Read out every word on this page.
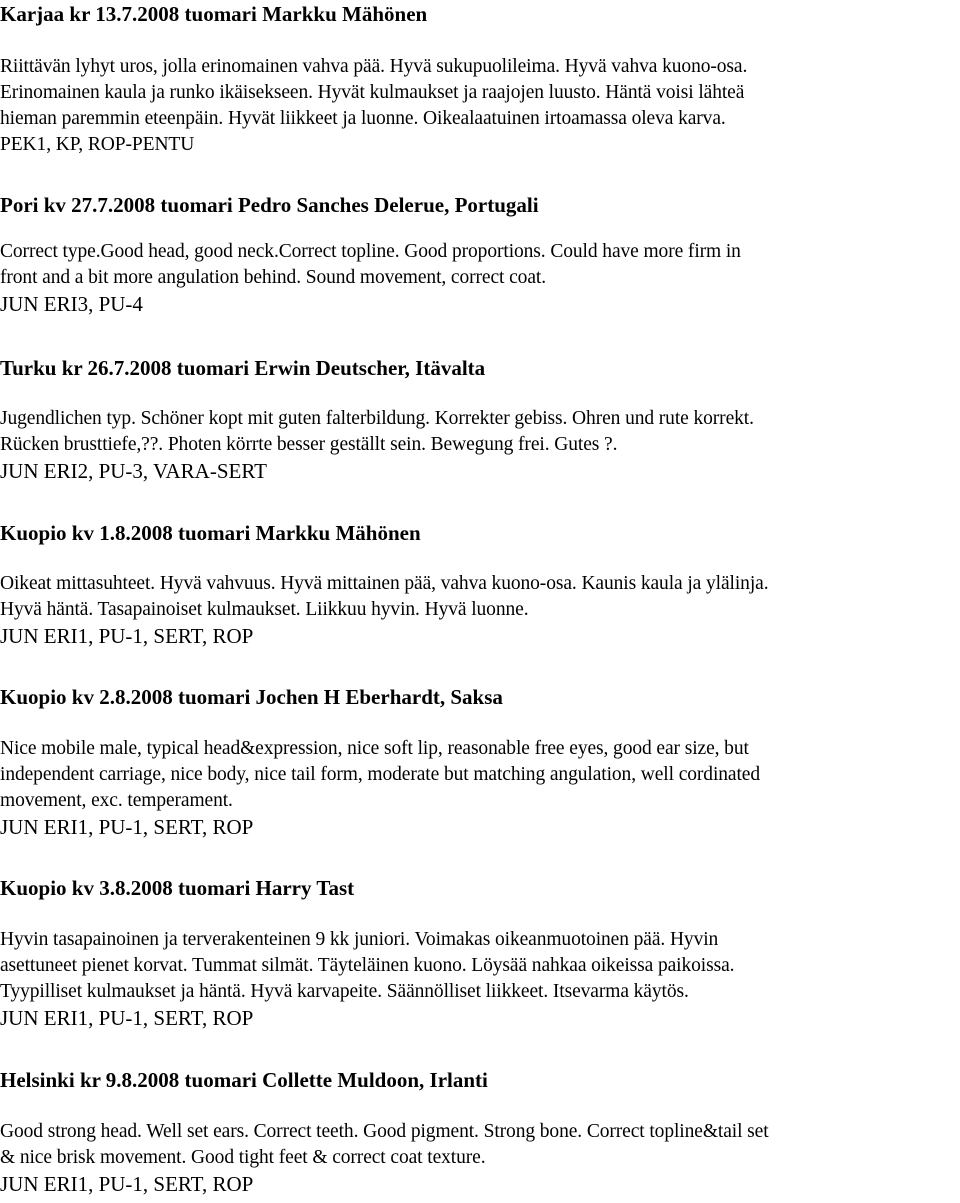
Karjaa kr 13.7.2008 tuomari Markku Mähönen
Riittävän lyhyt uros, jolla erinomainen vahva pää. Hyvä sukupuolileima. Hyvä vahva kuono-osa.
Erinomainen kaula ja runko ikäisekseen. Hyvät kulmaukset ja raajojen luusto. Häntä voisi lähteä
hieman paremmin eteenpäin. Hyvät liikkeet ja luonne. Oikealaatuinen irtoamassa oleva karva.
PEK1, KP, ROP-PENTU
Pori kv 27.7.2008 tuomari Pedro Sanches Delerue, Portugali
Correct type.Good head, good neck.Correct topline. Good proportions. Could have more firm in
front and a bit more angulation behind. Sound movement, correct coat.
JUN ERI3, PU-4
Turku kr 26.7.2008 tuomari Erwin Deutscher, Itävalta
Jugendlichen typ. Schöner kopt mit guten falterbildung. Korrekter gebiss. Ohren und rute korrekt.
Rücken brusttiefe,??. Photen körrte besser geställt sein. Bewegung frei. Gutes ?.
JUN ERI2, PU-3, VARA-SERT
Kuopio kv 1.8.2008 tuomari Markku Mähönen
Oikeat mittasuhteet. Hyvä vahvuus. Hyvä mittainen pää, vahva kuono-osa. Kaunis kaula ja ylälinja.
Hyvä häntä. Tasapainoiset kulmaukset. Liikkuu hyvin. Hyvä luonne.
JUN ERI1, PU-1, SERT, ROP
Kuopio kv 2.8.2008 tuomari Jochen H Eberhardt, Saksa
Nice mobile male, typical head&expression, nice soft lip, reasonable free eyes, good ear size, but
independent carriage, nice body, nice tail form, moderate but matching angulation, well cordinated
movement, exc. temperament.
JUN ERI1, PU-1, SERT, ROP
Kuopio kv 3.8.2008 tuomari Harry Tast
Hyvin tasapainoinen ja terverakenteinen 9 kk juniori. Voimakas oikeanmuotoinen pää. Hyvin
asettuneet pienet korvat. Tummat silmät. Täyteläinen kuono. Löysää nahkaa oikeissa paikoissa.
Tyypilliset kulmaukset ja häntä. Hyvä karvapeite. Säännölliset liikkeet. Itsevarma käytös.
JUN ERI1, PU-1, SERT, ROP
Helsinki kr 9.8.2008 tuomari Collette Muldoon, Irlanti
Good strong head. Well set ears. Correct teeth. Good pigment. Strong bone. Correct topline&tail set
& nice brisk movement. Good tight feet & correct coat texture.
JUN ERI1, PU-1, SERT, ROP
